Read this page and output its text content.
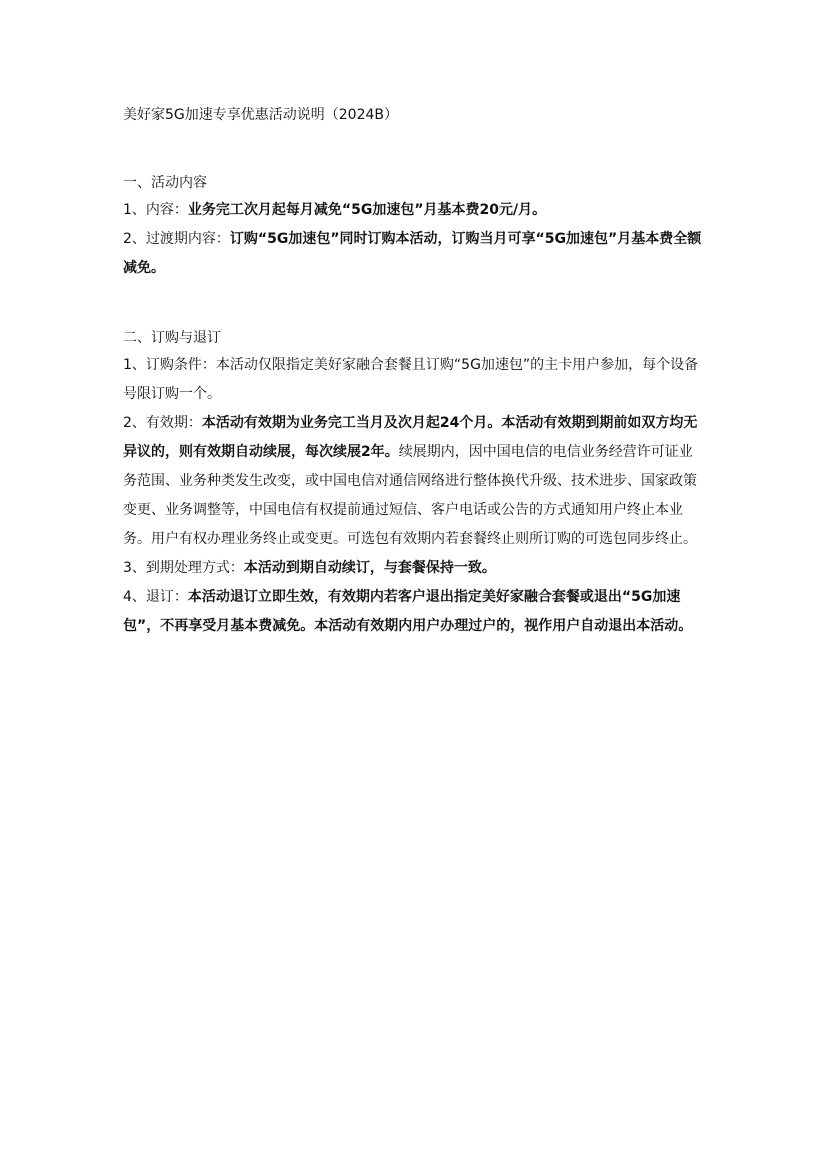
美好家5G加速专享优惠活动说明（2024B）
一、活动内容

1、内容：业务完工次月起每月减免“5G加速包”月基本费20元/月。

2、过渡期内容：订购“5G加速包”同时订购本活动，订购当月可享“5G加速包”月基本费全额减免。

二、订购与退订

1、订购条件：本活动仅限指定美好家融合套餐且订购“5G加速包”的主卡用户参加，每个设备号限订购一个。

2、有效期：本活动有效期为业务完工当月及次月起24个月。本活动有效期到期前如双方均无异议的，则有效期自动续展，每次续展2年。续展期内，因中国电信的电信业务经营许可证业务范围、业务种类发生改变，或中国电信对通信网络进行整体换代升级、技术进步、国家政策变更、业务调整等，中国电信有权提前通过短信、客户电话或公告的方式通知用户终止本业务。用户有权办理业务终止或变更。可选包有效期内若套餐终止则所订购的可选包同步终止。

3、到期处理方式：本活动到期自动续订，与套餐保持一致。

4、退订：本活动退订立即生效，有效期内若客户退出指定美好家融合套餐或退出“5G加速包”，不再享受月基本费减免。本活动有效期内用户办理过户的，视作用户自动退出本活动。
